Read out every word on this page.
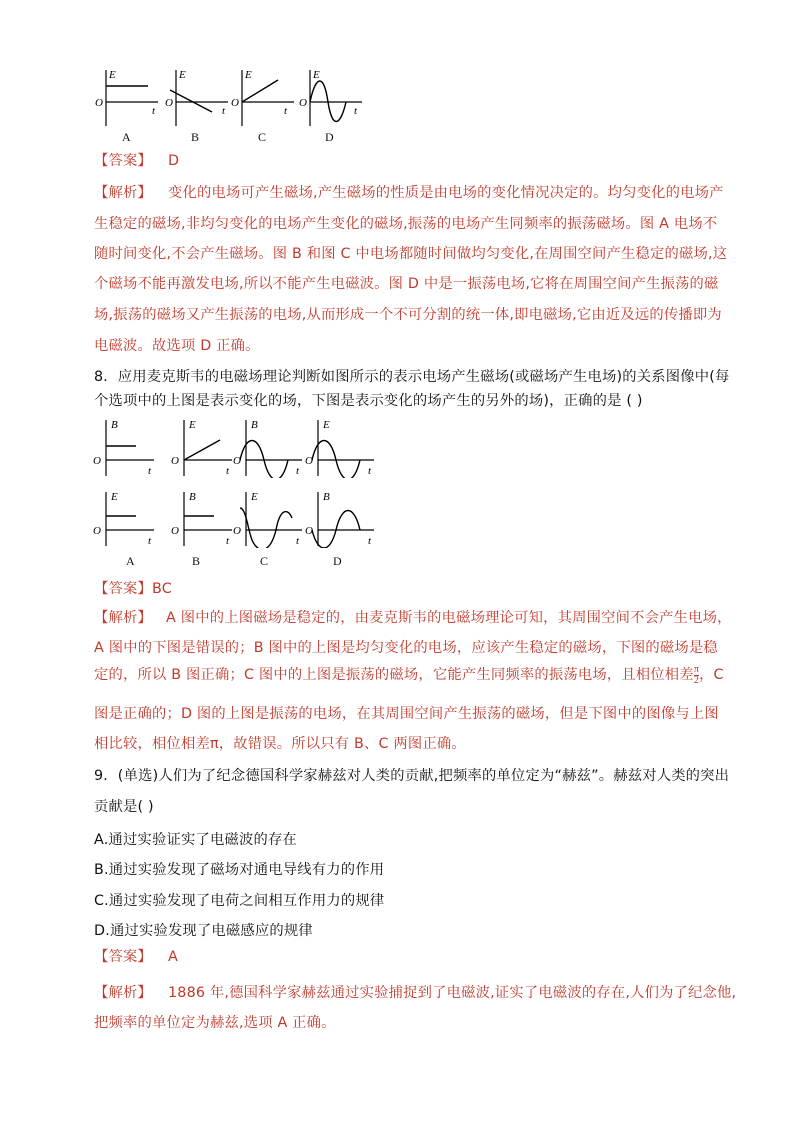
E
O
t
E
O
t
E
O
t
E
O
t
A	B	C	D
【答案】 D
【解析】 变化的电场可产生磁场,产生磁场的性质是由电场的变化情况决定的。均匀变化的电场产
生稳定的磁场,非均匀变化的电场产生变化的磁场,振荡的电场产生同频率的振荡磁场。图 A 电场不
随时间变化,不会产生磁场。图 B 和图 C 中电场都随时间做均匀变化,在周围空间产生稳定的磁场,这
个磁场不能再激发电场,所以不能产生电磁波。图 D 中是一振荡电场,它将在周围空间产生振荡的磁
场,振荡的磁场又产生振荡的电场,从而形成一个不可分割的统一体,即电磁场,它由近及远的传播即为
电磁波。故选项 D 正确。
8．应用麦克斯韦的电磁场理论判断如图所示的表示电场产生磁场(或磁场产生电场)的关系图像中(每
个选项中的上图是表示变化的场，下图是表示变化的场产生的另外的场)，正确的是 ( )
B
O
t
E
O
t
B
O
t
E
O
t
E
O
t
B
O
t
E
O
t
B
O
t
A	B	C	D
【答案】BC
【解析】 A 图中的上图磁场是稳定的，由麦克斯韦的电磁场理论可知，其周围空间不会产生电场，
A 图中的下图是错误的；B 图中的上图是均匀变化的电场，应该产生稳定的磁场，下图的磁场是稳
定的，所以 B 图正确；C 图中的上图是振荡的磁场，它能产生同频率的振荡电场，且相位相差 $\frac{\pi}{2}$ ，C
图是正确的；D 图的上图是振荡的电场，在其周围空间产生振荡的磁场，但是下图中的图像与上图
相比较，相位相差π，故错误。所以只有 B、C 两图正确。
9．(单选)人们为了纪念德国科学家赫兹对人类的贡献,把频率的单位定为“赫兹”。赫兹对人类的突出
贡献是( )
A.通过实验证实了电磁波的存在
B.通过实验发现了磁场对通电导线有力的作用
C.通过实验发现了电荷之间相互作用力的规律
D.通过实验发现了电磁感应的规律
【答案】 A
【解析】 1886 年,德国科学家赫兹通过实验捕捉到了电磁波,证实了电磁波的存在,人们为了纪念他,
把频率的单位定为赫兹,选项 A 正确。
